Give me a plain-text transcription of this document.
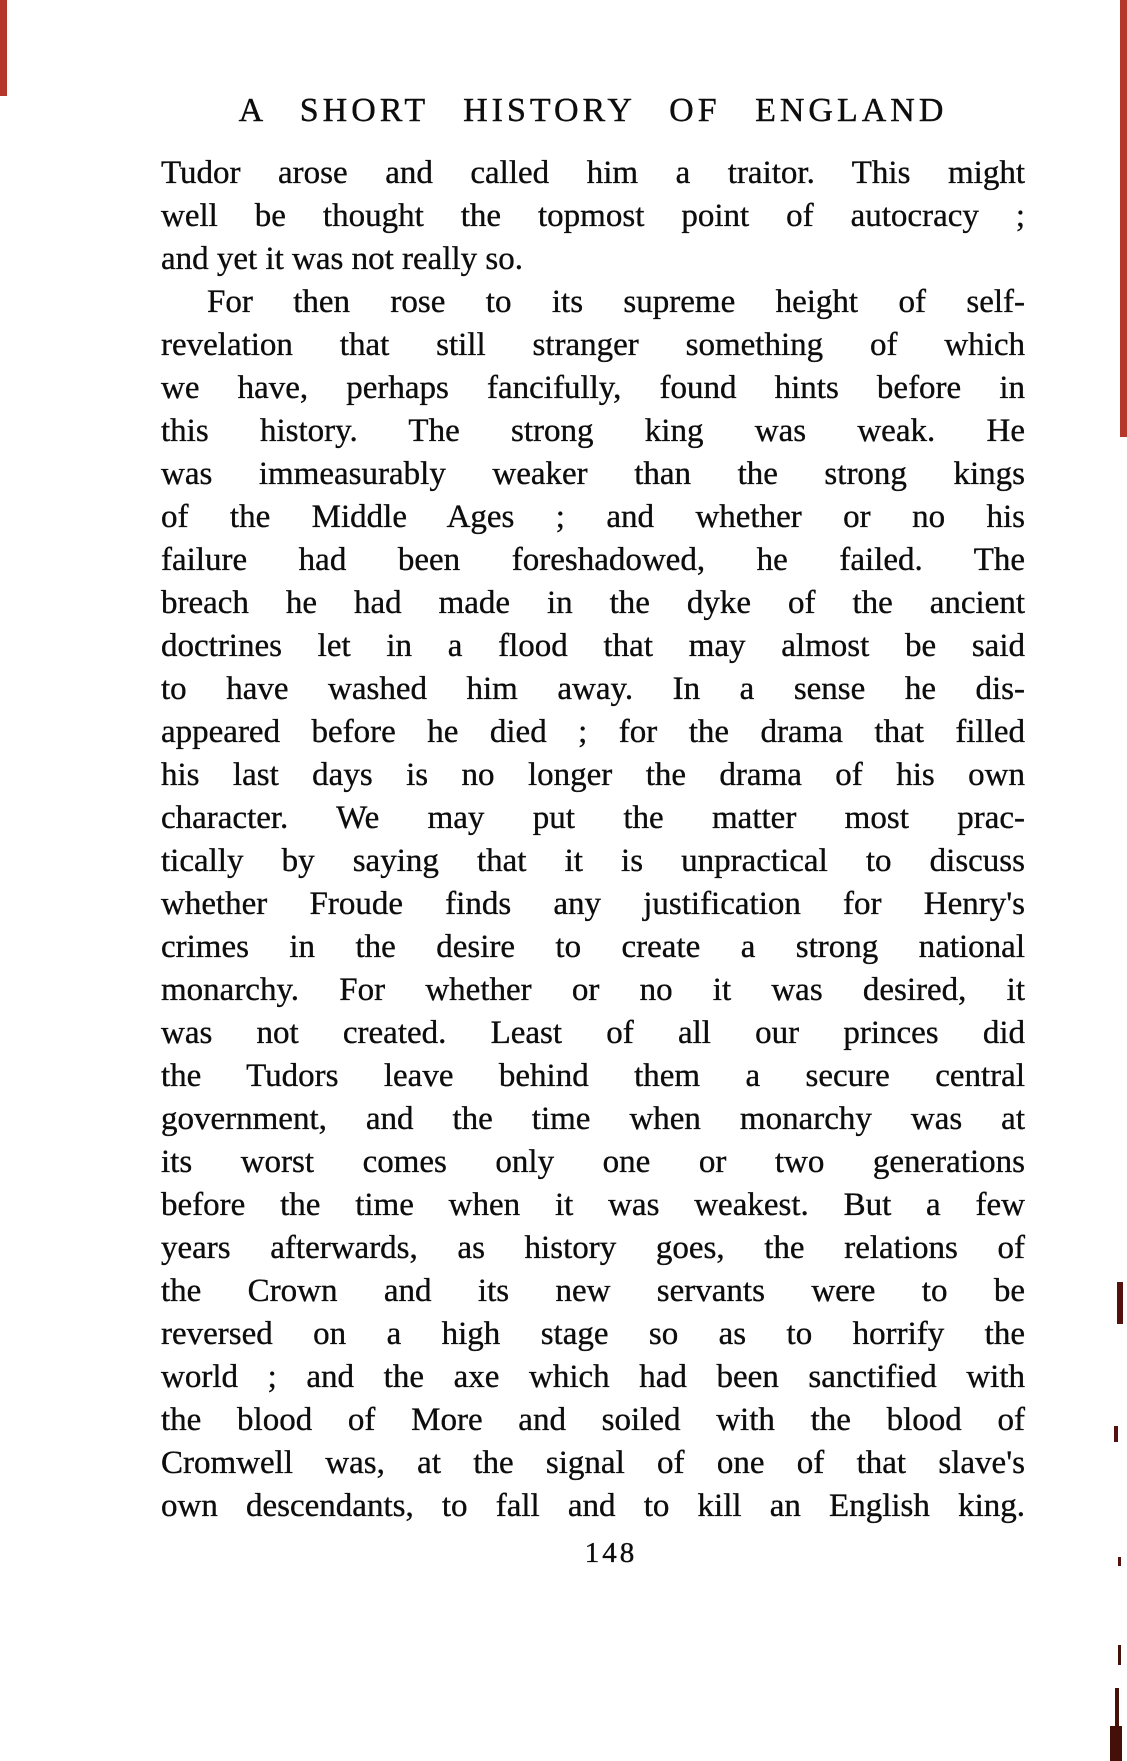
A SHORT HISTORY OF ENGLAND
Tudor arose and called him a traitor. This might
well be thought the topmost point of autocracy ;
and yet it was not really so.
For then rose to its supreme height of self-
revelation that still stranger something of which
we have, perhaps fancifully, found hints before in
this history. The strong king was weak. He
was immeasurably weaker than the strong kings
of the Middle Ages ; and whether or no his
failure had been foreshadowed, he failed. The
breach he had made in the dyke of the ancient
doctrines let in a flood that may almost be said
to have washed him away. In a sense he dis-
appeared before he died ; for the drama that filled
his last days is no longer the drama of his own
character. We may put the matter most prac-
tically by saying that it is unpractical to discuss
whether Froude finds any justification for Henry's
crimes in the desire to create a strong national
monarchy. For whether or no it was desired, it
was not created. Least of all our princes did
the Tudors leave behind them a secure central
government, and the time when monarchy was at
its worst comes only one or two generations
before the time when it was weakest. But a few
years afterwards, as history goes, the relations of
the Crown and its new servants were to be
reversed on a high stage so as to horrify the
world ; and the axe which had been sanctified with
the blood of More and soiled with the blood of
Cromwell was, at the signal of one of that slave's
own descendants, to fall and to kill an English king.
148
